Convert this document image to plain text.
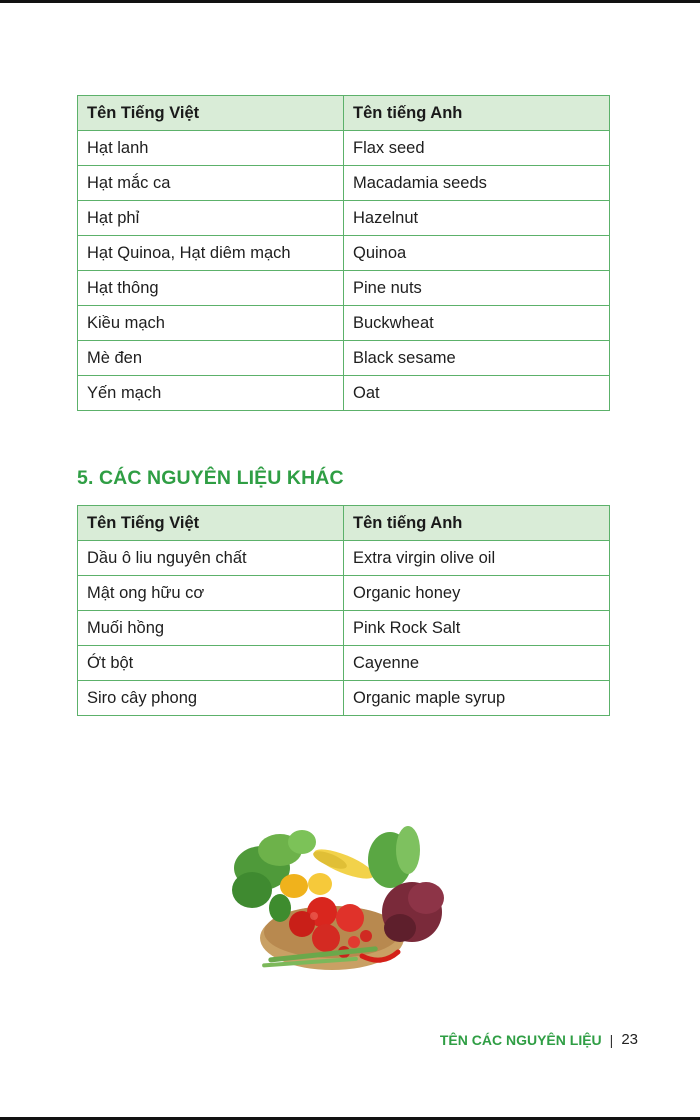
Tên Tiếng Việt	Tên tiếng Anh
Hạt lanh	Flax seed
Hạt mắc ca	Macadamia seeds
Hạt phỉ	Hazelnut
Hạt Quinoa, Hạt diêm mạch	Quinoa
Hạt thông	Pine nuts
Kiều mạch	Buckwheat
Mè đen	Black sesame
Yến mạch	Oat
5. CÁC NGUYÊN LIỆU KHÁC
Tên Tiếng Việt	Tên tiếng Anh
Dầu ô liu nguyên chất	Extra virgin olive oil
Mật ong hữu cơ	Organic honey
Muối hồng	Pink Rock Salt
Ớt bột	Cayenne
Siro cây phong	Organic maple syrup
TÊN CÁC NGUYÊN LIỆU | 23
